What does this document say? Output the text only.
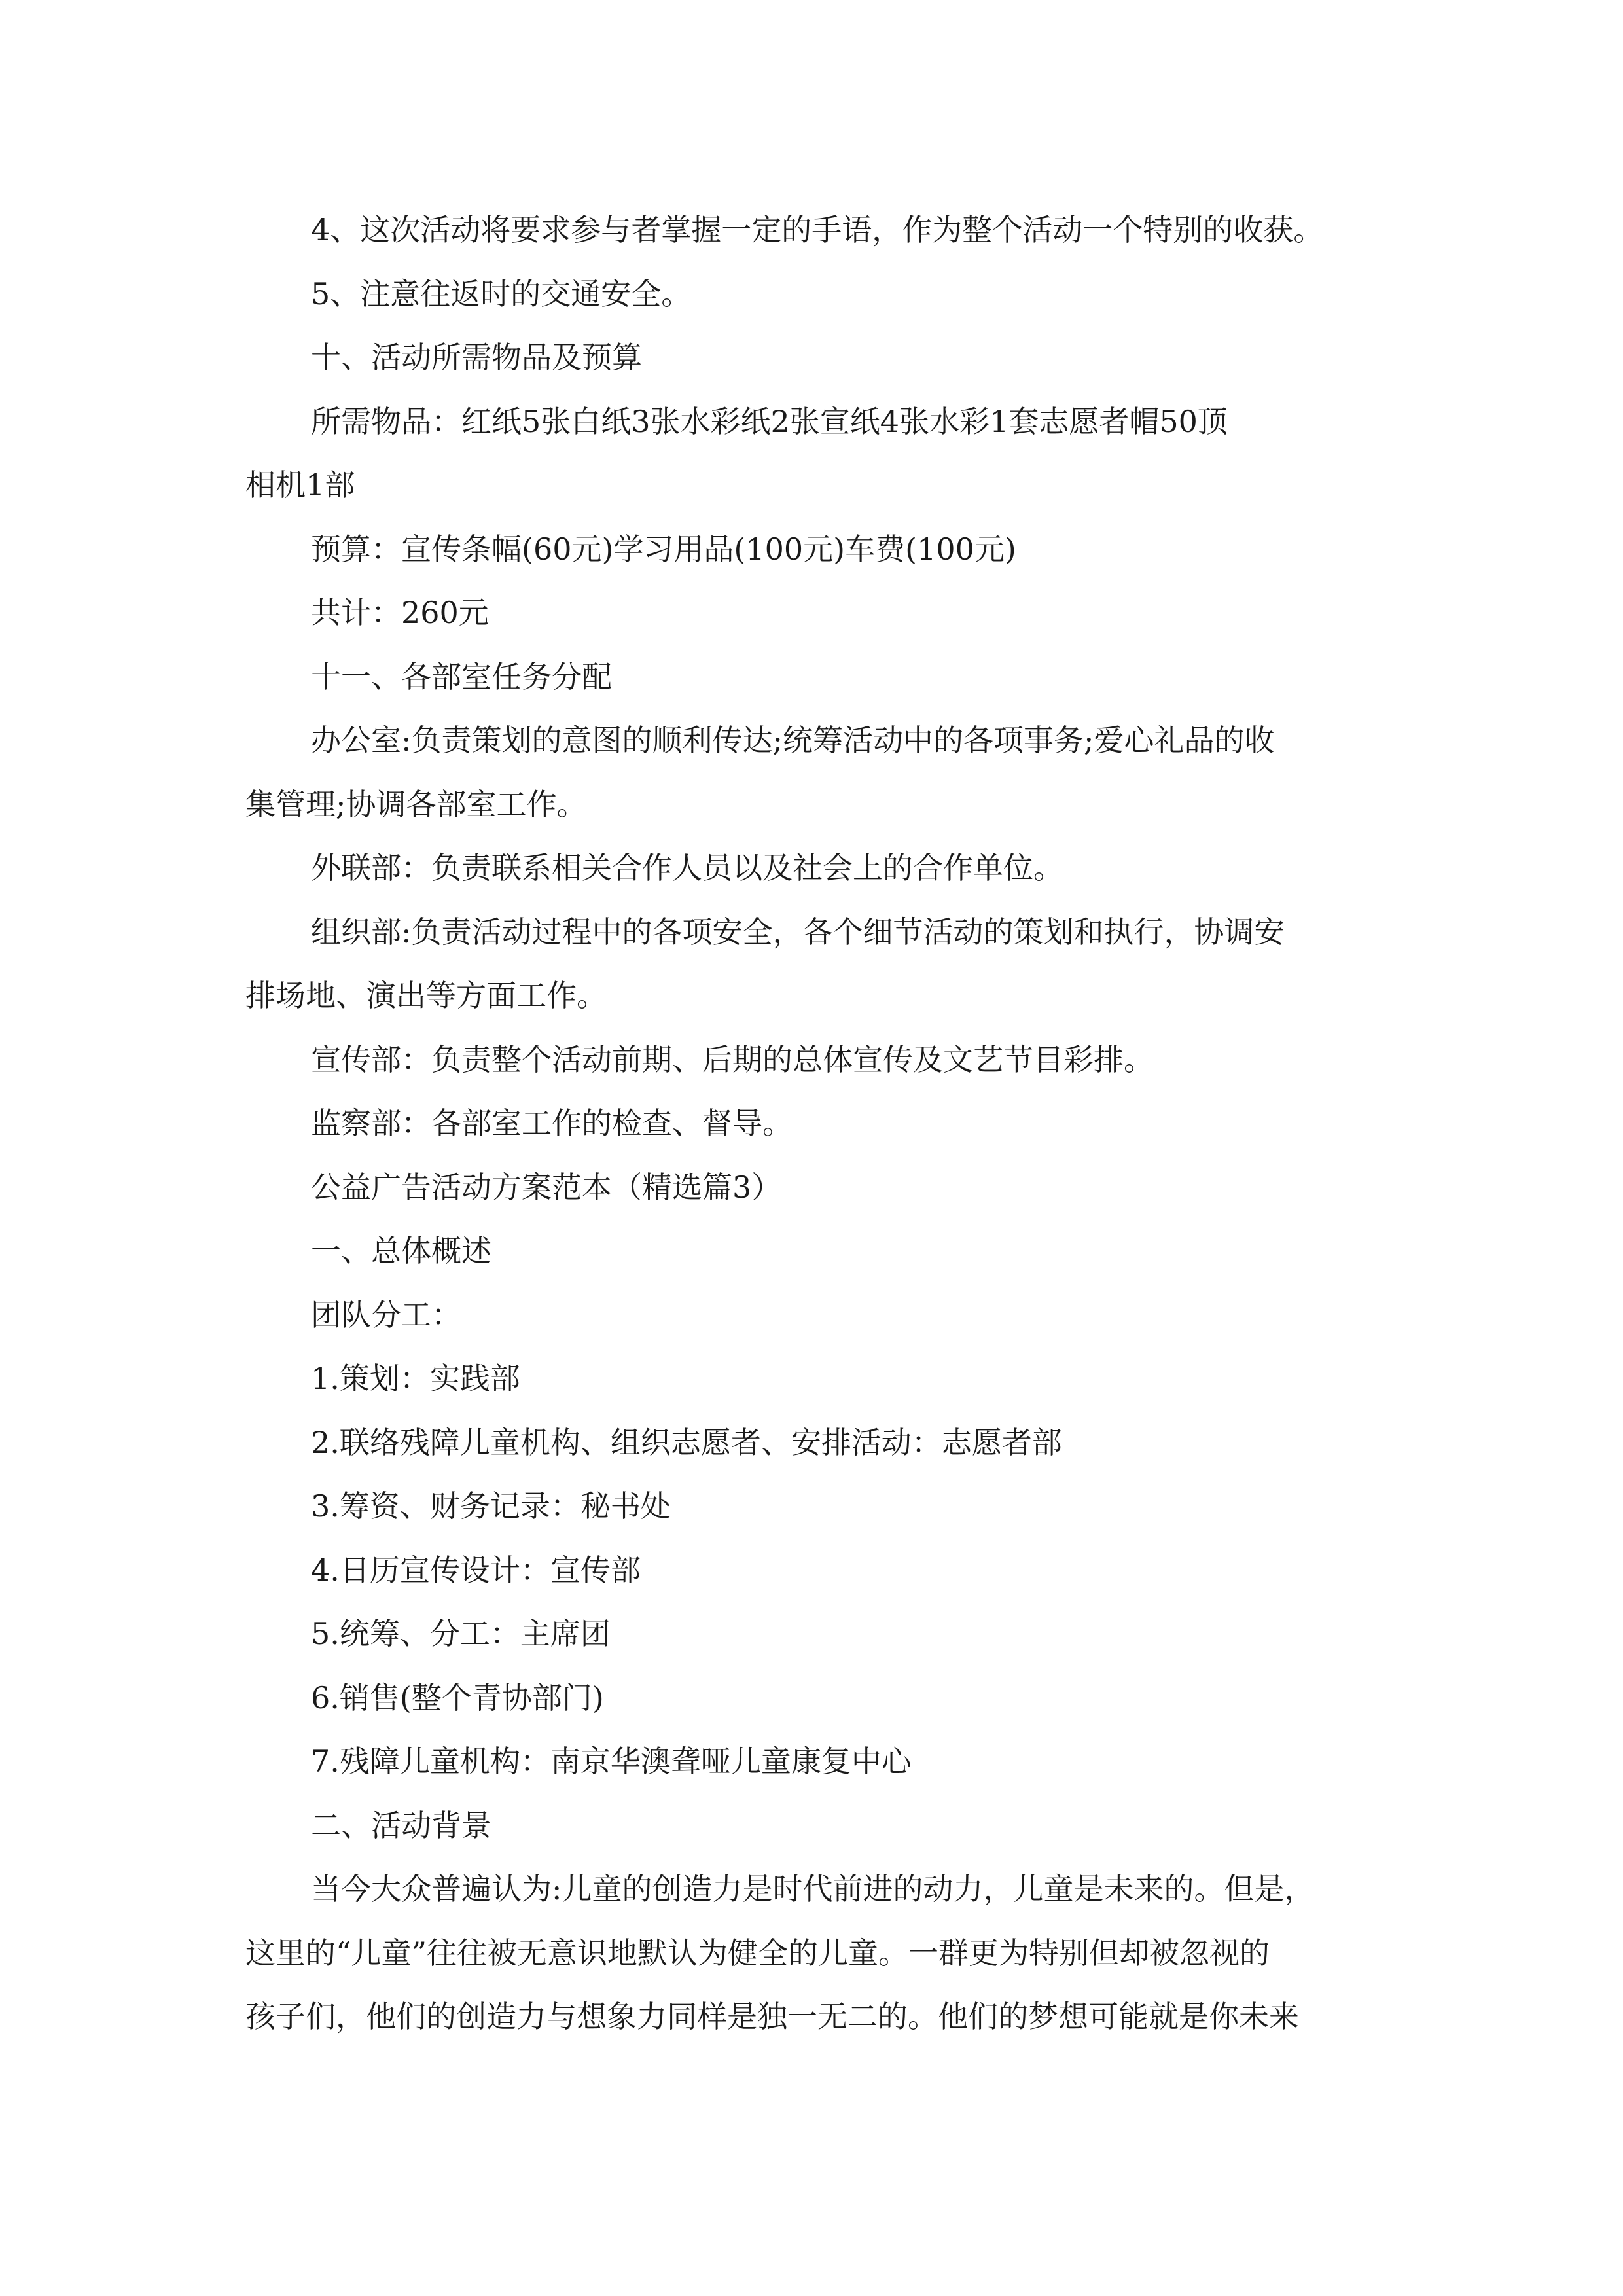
4、这次活动将要求参与者掌握一定的手语，作为整个活动一个特别的收获。
5、注意往返时的交通安全。
十、活动所需物品及预算
所需物品：红纸5张白纸3张水彩纸2张宣纸4张水彩1套志愿者帽50顶
相机1部
预算：宣传条幅(60元)学习用品(100元)车费(100元)
共计：260元
十一、各部室任务分配
办公室:负责策划的意图的顺利传达;统筹活动中的各项事务;爱心礼品的收
集管理;协调各部室工作。
外联部：负责联系相关合作人员以及社会上的合作单位。
组织部:负责活动过程中的各项安全，各个细节活动的策划和执行，协调安
排场地、演出等方面工作。
宣传部：负责整个活动前期、后期的总体宣传及文艺节目彩排。
监察部：各部室工作的检查、督导。
公益广告活动方案范本（精选篇3）
一、总体概述
团队分工：
1.策划：实践部
2.联络残障儿童机构、组织志愿者、安排活动：志愿者部
3.筹资、财务记录：秘书处
4.日历宣传设计：宣传部
5.统筹、分工：主席团
6.销售(整个青协部门)
7.残障儿童机构：南京华澳聋哑儿童康复中心
二、活动背景
当今大众普遍认为:儿童的创造力是时代前进的动力，儿童是未来的。但是，
这里的“儿童”往往被无意识地默认为健全的儿童。一群更为特别但却被忽视的
孩子们，他们的创造力与想象力同样是独一无二的。他们的梦想可能就是你未来
